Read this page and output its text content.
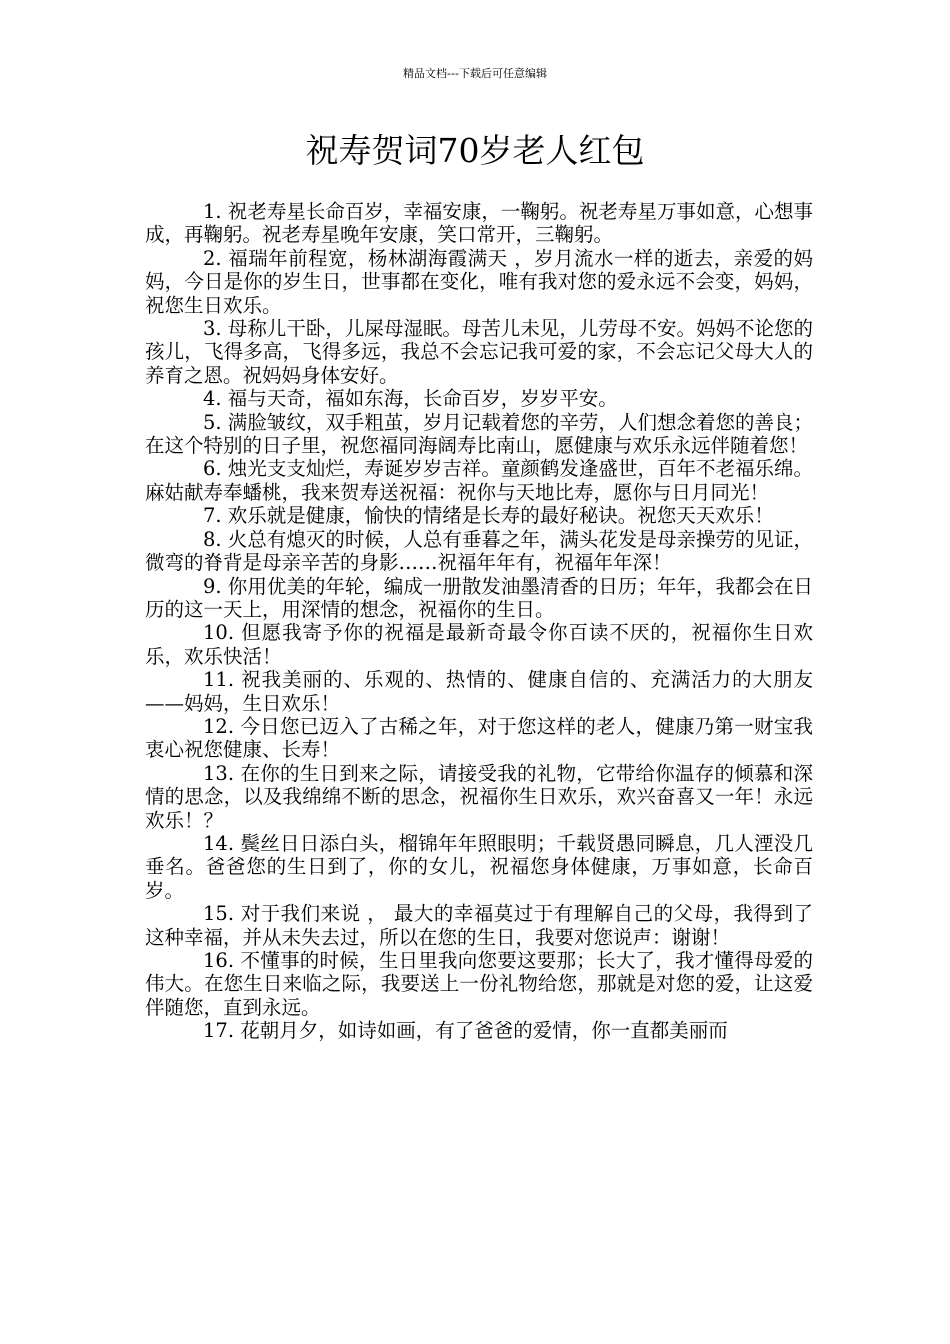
精品文档---下载后可任意编辑
祝寿贺词70岁老人红包

1. 祝老寿星长命百岁，幸福安康，一鞠躬。祝老寿星万事如意，心想事成，再鞠躬。祝老寿星晚年安康，笑口常开，三鞠躬。

2. 福瑞年前程宽，杨林湖海霞满天 ，岁月流水一样的逝去，亲爱的妈妈，今日是你的岁生日，世事都在变化，唯有我对您的爱永远不会变，妈妈，祝您生日欢乐。

3. 母称儿干卧，儿屎母湿眠。母苦儿未见，儿劳母不安。妈妈不论您的孩儿，飞得多高，飞得多远，我总不会忘记我可爱的家，不会忘记父母大人的养育之恩。祝妈妈身体安好。

4. 福与天奇，福如东海，长命百岁，岁岁平安。

5. 满脸皱纹，双手粗茧，岁月记载着您的辛劳，人们想念着您的善良；在这个特别的日子里，祝您福同海阔寿比南山，愿健康与欢乐永远伴随着您！

6. 烛光支支灿烂，寿诞岁岁吉祥。童颜鹤发逢盛世，百年不老福乐绵。麻姑献寿奉蟠桃，我来贺寿送祝福：祝你与天地比寿，愿你与日月同光！

7. 欢乐就是健康，愉快的情绪是长寿的最好秘诀。祝您天天欢乐！

8. 火总有熄灭的时候，人总有垂暮之年，满头花发是母亲操劳的见证，微弯的脊背是母亲辛苦的身影……祝福年年有，祝福年年深！

9. 你用优美的年轮，编成一册散发油墨清香的日历；年年，我都会在日历的这一天上，用深情的想念，祝福你的生日。

10. 但愿我寄予你的祝福是最新奇最令你百读不厌的，祝福你生日欢乐，欢乐快活！

11. 祝我美丽的、乐观的、热情的、健康自信的、充满活力的大朋友——妈妈，生日欢乐！

12. 今日您已迈入了古稀之年，对于您这样的老人，健康乃第一财宝我衷心祝您健康、长寿！

13. 在你的生日到来之际，请接受我的礼物，它带给你温存的倾慕和深情的思念，以及我绵绵不断的思念，祝福你生日欢乐，欢兴奋喜又一年！永远欢乐！？

14. 鬓丝日日添白头，榴锦年年照眼明；千载贤愚同瞬息，几人湮没几垂名。爸爸您的生日到了，你的女儿，祝福您身体健康，万事如意，长命百岁。

15. 对于我们来说 ， 最大的幸福莫过于有理解自己的父母，我得到了这种幸福，并从未失去过，所以在您的生日，我要对您说声：谢谢！

16. 不懂事的时候，生日里我向您要这要那；长大了，我才懂得母爱的伟大。在您生日来临之际，我要送上一份礼物给您，那就是对您的爱，让这爱伴随您，直到永远。

17. 花朝月夕，如诗如画，有了爸爸的爱情，你一直都美丽而
